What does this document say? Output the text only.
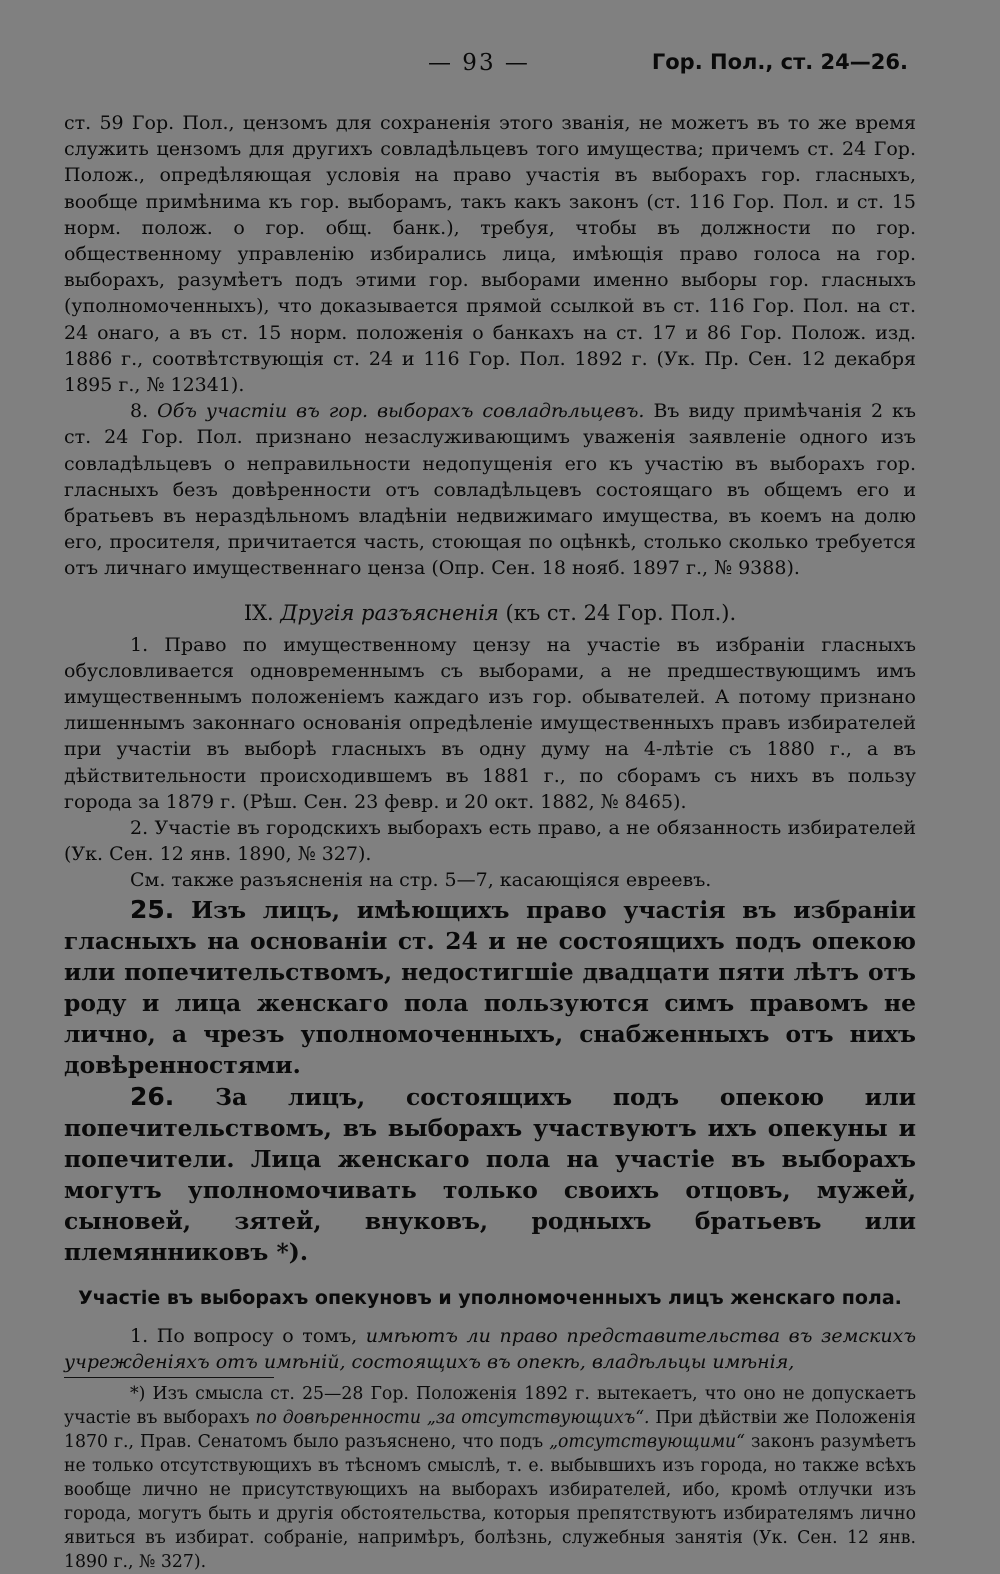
— 93 —	Гор. Пол., ст. 24—26.

ст. 59 Гор. Пол., цензомъ для сохраненія этого званія, не можетъ въ то же время служить цензомъ для другихъ совладѣльцевъ того имущества; причемъ ст. 24 Гор. Полож., опредѣляющая условія на право участія въ выборахъ гор. гласныхъ, вообще примѣнима къ гор. выборамъ, такъ какъ законъ (ст. 116 Гор. Пол. и ст. 15 норм. полож. о гор. общ. банк.), требуя, чтобы въ должности по гор. общественному управленію избирались лица, имѣющія право голоса на гор. выборахъ, разумѣетъ подъ этими гор. выборами именно выборы гор. гласныхъ (уполномоченныхъ), что доказывается прямой ссылкой въ ст. 116 Гор. Пол. на ст. 24 онаго, а въ ст. 15 норм. положенія о банкахъ на ст. 17 и 86 Гор. Полож. изд. 1886 г., соотвѣтствующія ст. 24 и 116 Гор. Пол. 1892 г. (Ук. Пр. Сен. 12 декабря 1895 г., № 12341).

8. Объ участіи въ гор. выборахъ совладѣльцевъ. Въ виду примѣчанія 2 къ ст. 24 Гор. Пол. признано незаслуживающимъ уваженія заявленіе одного изъ совладѣльцевъ о неправильности недопущенія его къ участію въ выборахъ гор. гласныхъ безъ довѣренности отъ совладѣльцевъ состоящаго въ общемъ его и братьевъ въ нераздѣльномъ владѣніи недвижимаго имущества, въ коемъ на долю его, просителя, причитается часть, стоющая по оцѣнкѣ, столько сколько требуется отъ личнаго имущественнаго ценза (Опр. Сен. 18 нояб. 1897 г., № 9388).

IX. Другія разъясненія (къ ст. 24 Гор. Пол.).

1. Право по имущественному цензу на участіе въ избраніи гласныхъ обусловливается одновременнымъ съ выборами, а не предшествующимъ имъ имущественнымъ положеніемъ каждаго изъ гор. обывателей. А потому признано лишеннымъ законнаго основанія опредѣленіе имущественныхъ правъ избирателей при участіи въ выборѣ гласныхъ въ одну думу на 4-лѣтіе съ 1880 г., а въ дѣйствительности происходившемъ въ 1881 г., по сборамъ съ нихъ въ пользу города за 1879 г. (Рѣш. Сен. 23 февр. и 20 окт. 1882, № 8465).

2. Участіе въ городскихъ выборахъ есть право, а не обязанность избирателей (Ук. Сен. 12 янв. 1890, № 327).

См. также разъясненія на стр. 5—7, касающіяся евреевъ.

25. Изъ лицъ, имѣющихъ право участія въ избраніи гласныхъ на основаніи ст. 24 и не состоящихъ подъ опекою или попечительствомъ, недостигшіе двадцати пяти лѣтъ отъ роду и лица женскаго пола пользуются симъ правомъ не лично, а чрезъ уполномоченныхъ, снабженныхъ отъ нихъ довѣренностями.

26. За лицъ, состоящихъ подъ опекою или попечительствомъ, въ выборахъ участвуютъ ихъ опекуны и попечители. Лица женскаго пола на участіе въ выборахъ могутъ уполномочивать только своихъ отцовъ, мужей, сыновей, зятей, внуковъ, родныхъ братьевъ или племянниковъ *).

Участіе въ выборахъ опекуновъ и уполномоченныхъ лицъ женскаго пола.

1. По вопросу о томъ, имѣютъ ли право представительства въ земскихъ учрежденіяхъ отъ имѣній, состоящихъ въ опекѣ, владѣльцы имѣнія,

*) Изъ смысла ст. 25—28 Гор. Положенія 1892 г. вытекаетъ, что оно не допускаетъ участіе въ выборахъ по довѣренности „за отсутствующихъ“. При дѣйствіи же Положенія 1870 г., Прав. Сенатомъ было разъяснено, что подъ „отсутствующими“ законъ разумѣетъ не только отсутствующихъ въ тѣсномъ смыслѣ, т. е. выбывшихъ изъ города, но также всѣхъ вообще лично не присутствующихъ на выборахъ избирателей, ибо, кромѣ отлучки изъ города, могутъ быть и другія обстоятельства, которыя препятствуютъ избирателямъ лично явиться въ избират. собраніе, напримѣръ, болѣзнь, служебныя занятія (Ук. Сен. 12 янв. 1890 г., № 327).
